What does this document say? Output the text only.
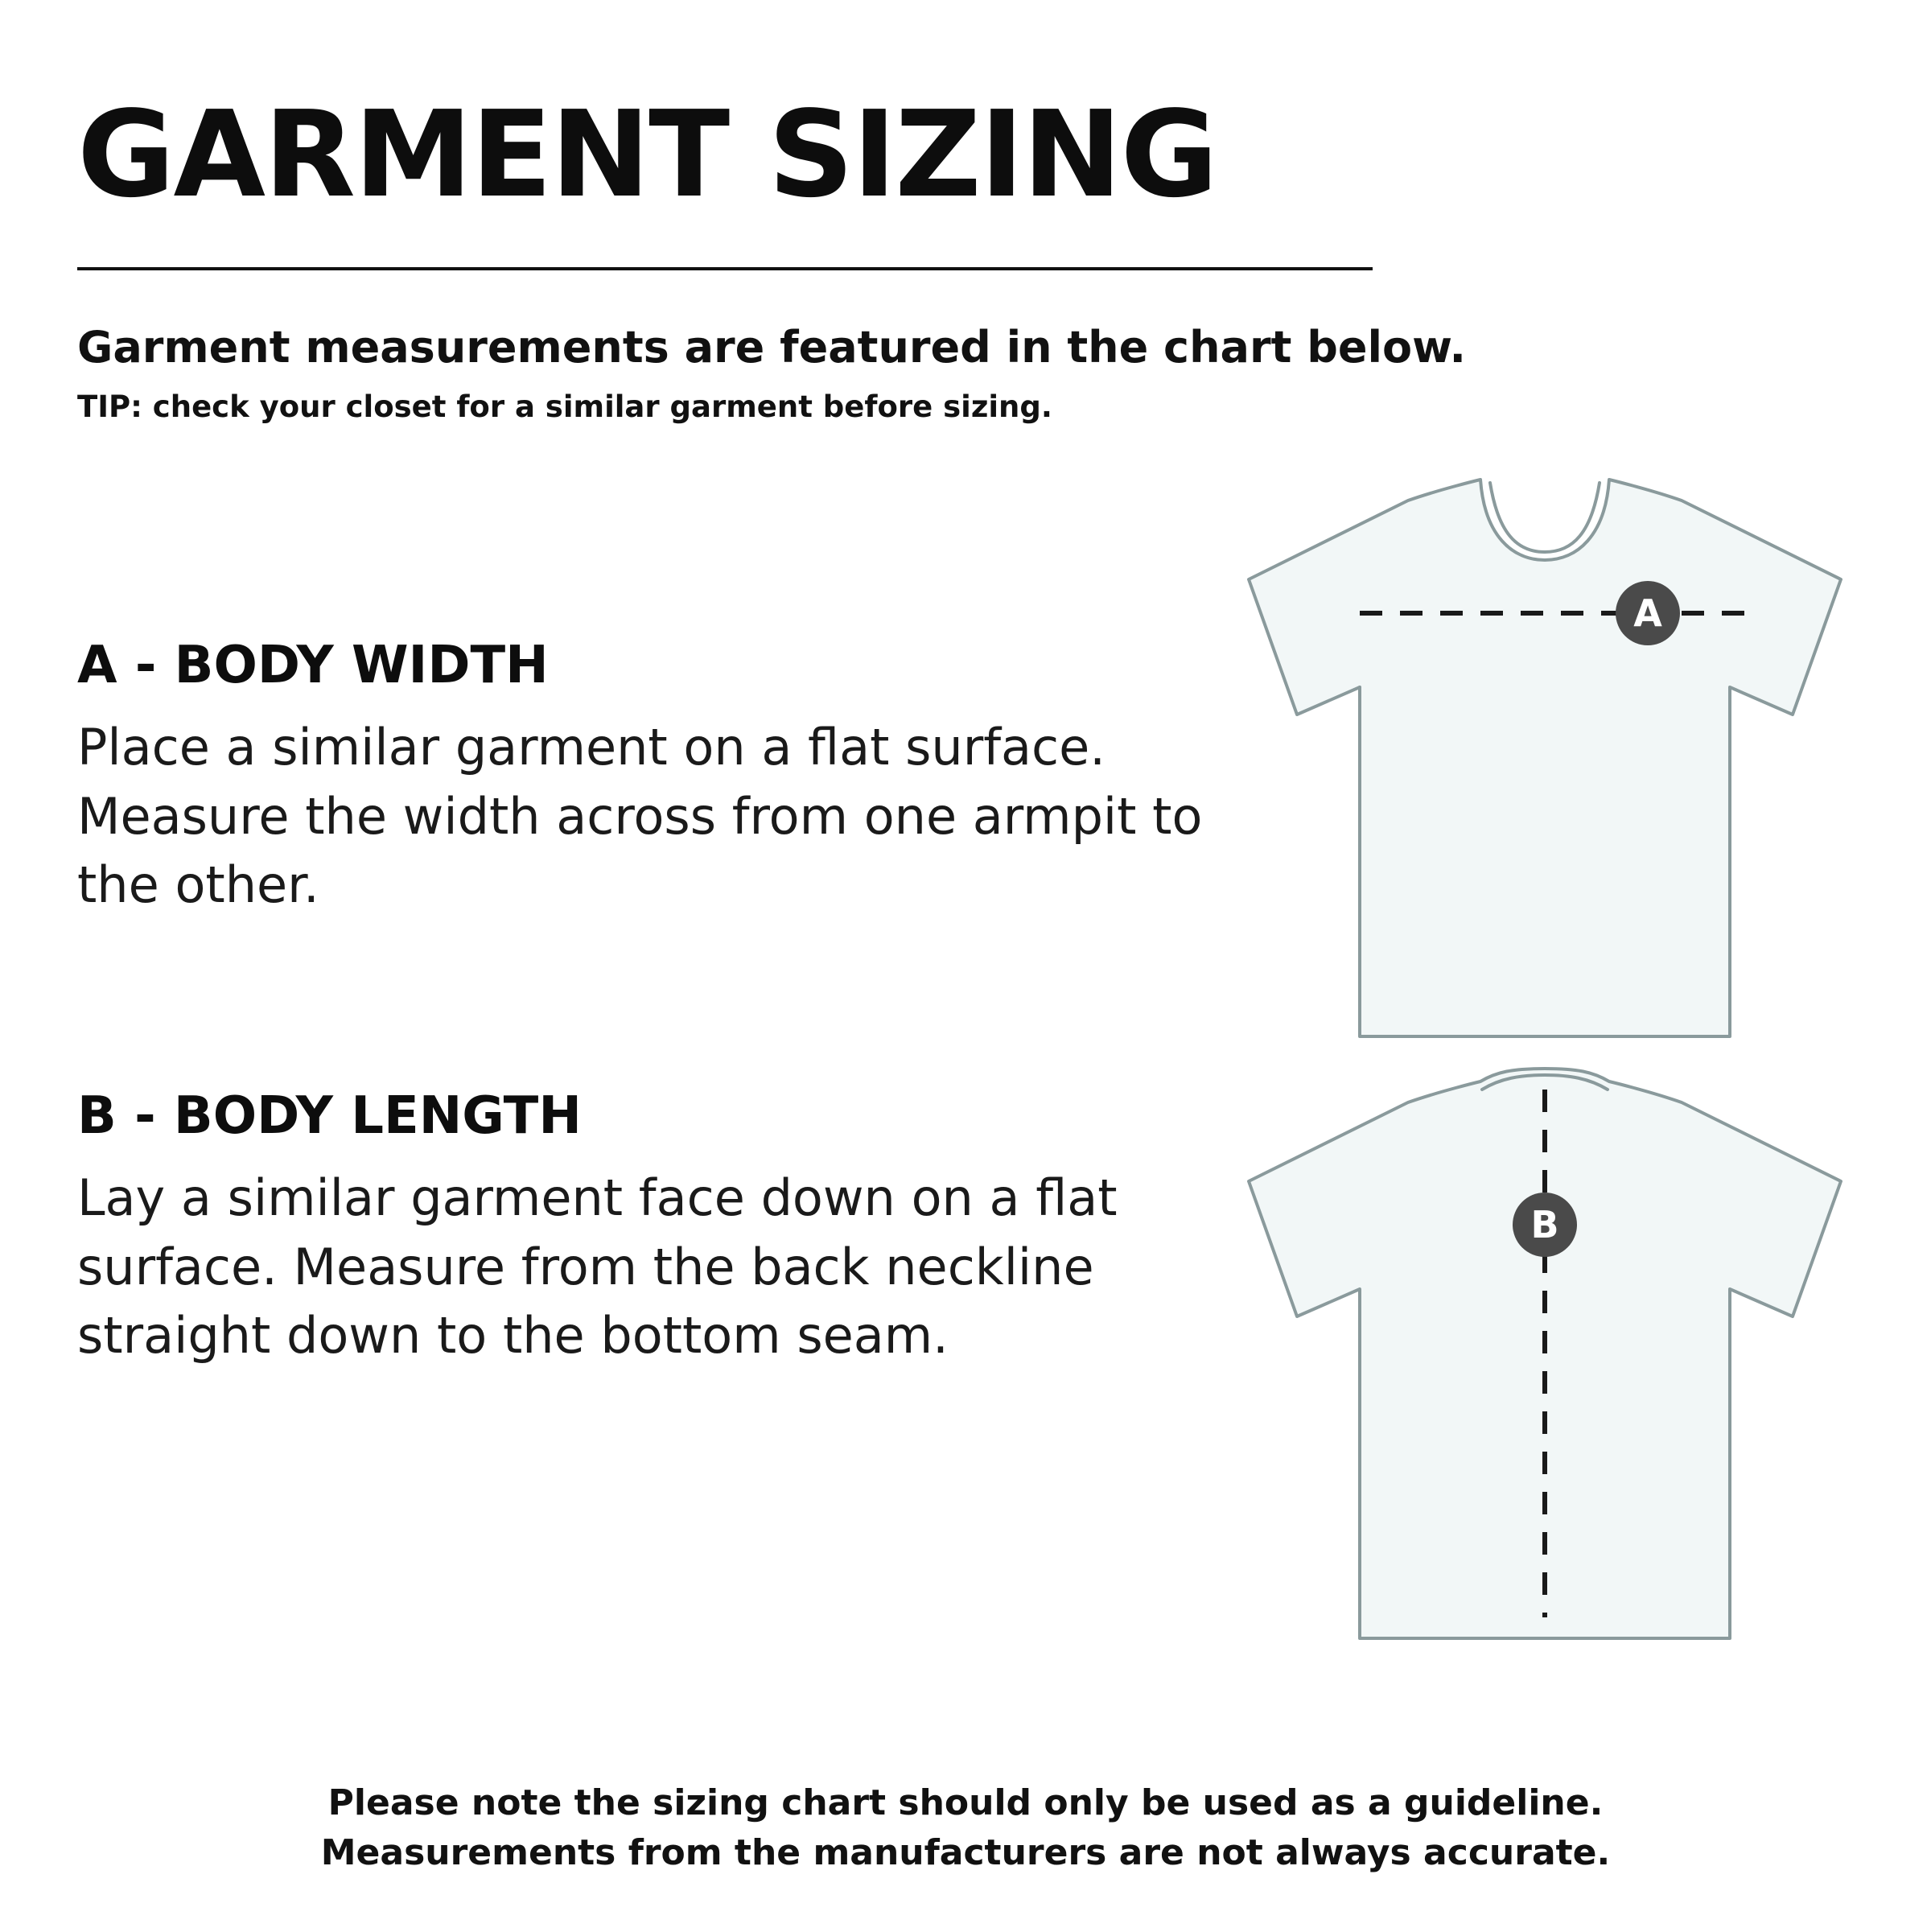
GARMENT SIZING
Garment measurements are featured in the chart below.
TIP: check your closet for a similar garment before sizing.
A - BODY WIDTH
Place a similar garment on a flat surface. Measure the width across from one armpit to the other.
B - BODY LENGTH
Lay a similar garment face down on a flat surface. Measure from the back neckline straight down to the bottom seam.
A
B
Please note the sizing chart should only be used as a guideline.
Measurements from the manufacturers are not always accurate.
